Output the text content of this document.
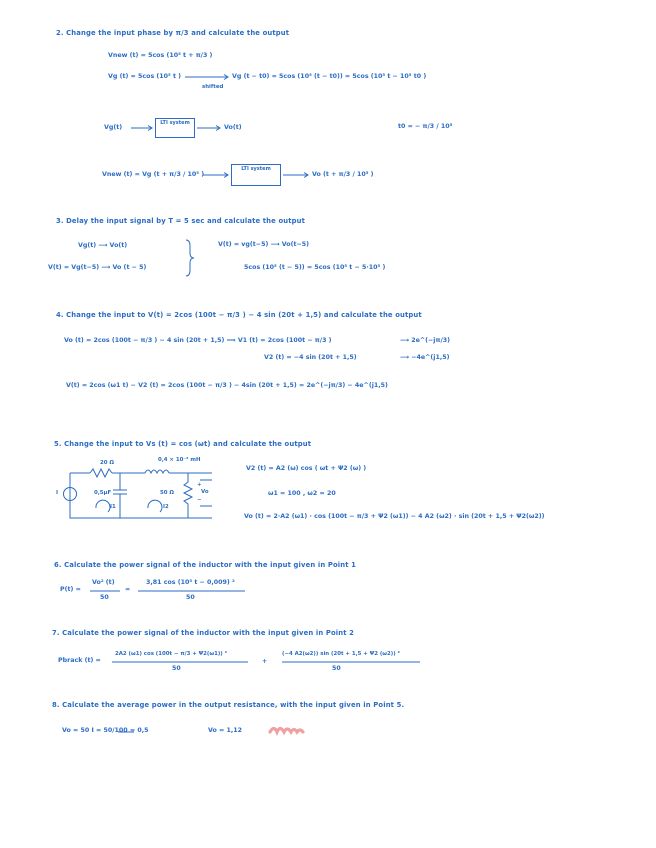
2. Change the input phase by π/3 and calculate the output
Vnew (t) = 5cos (10⁵ t + π/3 )
Vg (t) = 5cos (10⁵ t )	Vg (t − t0) = 5cos (10⁵ (t − t0)) = 5cos (10⁵ t − 10⁵ t0 )
shifted
Vg(t)
LTI system
Vo(t)	t0 = − π/3 / 10⁵
Vnew (t) = Vg (t + π/3 / 10⁵ )
LTI system
Vo (t + π/3 / 10⁵ )
3. Delay the input signal by T = 5 sec and calculate the output
Vg(t) ⟶ Vo(t)
V(t) = Vg(t−5) ⟶ Vo (t − 5)
V(t) = vg(t−5) ⟶ Vo(t−5)
5cos (10⁵ (t − 5)) = 5cos (10⁵ t − 5·10⁵ )
4. Change the input to V(t) = 2cos (100t − π/3 ) − 4 sin (20t + 1,5) and calculate the output
Vo (t) = 2cos (100t − π/3 ) − 4 sin (20t + 1,5) ⟹ V1 (t) = 2cos (100t − π/3 )	⟶ 2e^(−jπ/3)
V2 (t) = −4 sin (20t + 1,5)	⟶ −4e^(j1,5)
V(t) = 2cos (ω1 t) − V2 (t) = 2cos (100t − π/3 ) − 4sin (20t + 1,5) = 2e^(−jπ/3) − 4e^(j1,5)
5. Change the input to Vs (t) = cos (ωt) and calculate the output
20 Ω	0,4 × 10⁻³ mH
I	0,5μF
I1
50 Ω
I2
Vo
+
−
V2 (t) = A2 (ω) cos ( ωt + Ψ2 (ω) )
ω1 = 100 , ω2 = 20
Vo (t) = 2·A2 (ω1) · cos (100t − π/3 + Ψ2 (ω1)) − 4 A2 (ω2) · sin (20t + 1,5 + Ψ2(ω2))
6. Calculate the power signal of the inductor with the input given in Point 1
P(t) =
Vo² (t)
50
=
3,81 cos (10⁵ t − 0,009) ²
50
7. Calculate the power signal of the inductor with the input given in Point 2
Pbrack (t) =
2A2 (ω1) cos (100t − π/3 + Ψ2(ω1)) ²
50
+
(−4 A2(ω2)) sin (20t + 1,5 + Ψ2 (ω2)) ²
50
8. Calculate the average power in the output resistance, with the input given in Point 5.
Vo = 50 I = 50/100 = 0,5	Vo = 1,12
